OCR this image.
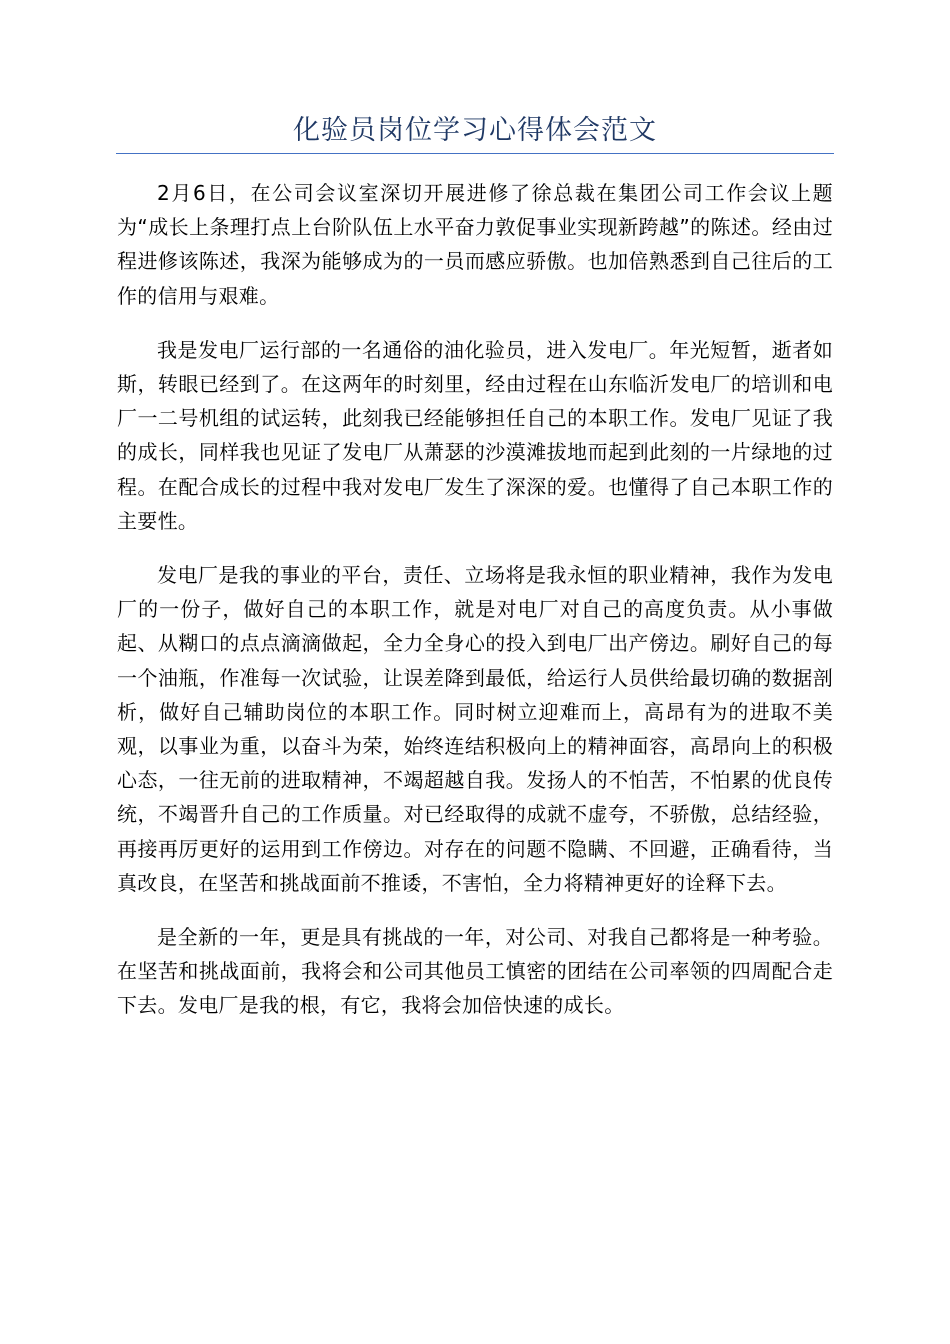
化验员岗位学习心得体会范文

2月6日，在公司会议室深切开展进修了徐总裁在集团公司工作会议上题为“成长上条理打点上台阶队伍上水平奋力敦促事业实现新跨越”的陈述。经由过程进修该陈述，我深为能够成为的一员而感应骄傲。也加倍熟悉到自己往后的工作的信用与艰难。

我是发电厂运行部的一名通俗的油化验员，进入发电厂。年光短暂，逝者如斯，转眼已经到了。在这两年的时刻里，经由过程在山东临沂发电厂的培训和电厂一二号机组的试运转，此刻我已经能够担任自己的本职工作。发电厂见证了我的成长，同样我也见证了发电厂从萧瑟的沙漠滩拔地而起到此刻的一片绿地的过程。在配合成长的过程中我对发电厂发生了深深的爱。也懂得了自己本职工作的主要性。

发电厂是我的事业的平台，责任、立场将是我永恒的职业精神，我作为发电厂的一份子，做好自己的本职工作，就是对电厂对自己的高度负责。从小事做起、从糊口的点点滴滴做起，全力全身心的投入到电厂出产傍边。刷好自己的每一个油瓶，作准每一次试验，让误差降到最低，给运行人员供给最切确的数据剖析，做好自己辅助岗位的本职工作。同时树立迎难而上，高昂有为的进取不美观，以事业为重，以奋斗为荣，始终连结积极向上的精神面容，高昂向上的积极心态，一往无前的进取精神，不竭超越自我。发扬人的不怕苦，不怕累的优良传统，不竭晋升自己的工作质量。对已经取得的成就不虚夸，不骄傲，总结经验，再接再厉更好的运用到工作傍边。对存在的问题不隐瞒、不回避，正确看待，当真改良，在坚苦和挑战面前不推诿，不害怕，全力将精神更好的诠释下去。

是全新的一年，更是具有挑战的一年，对公司、对我自己都将是一种考验。在坚苦和挑战面前，我将会和公司其他员工慎密的团结在公司率领的四周配合走下去。发电厂是我的根，有它，我将会加倍快速的成长。
